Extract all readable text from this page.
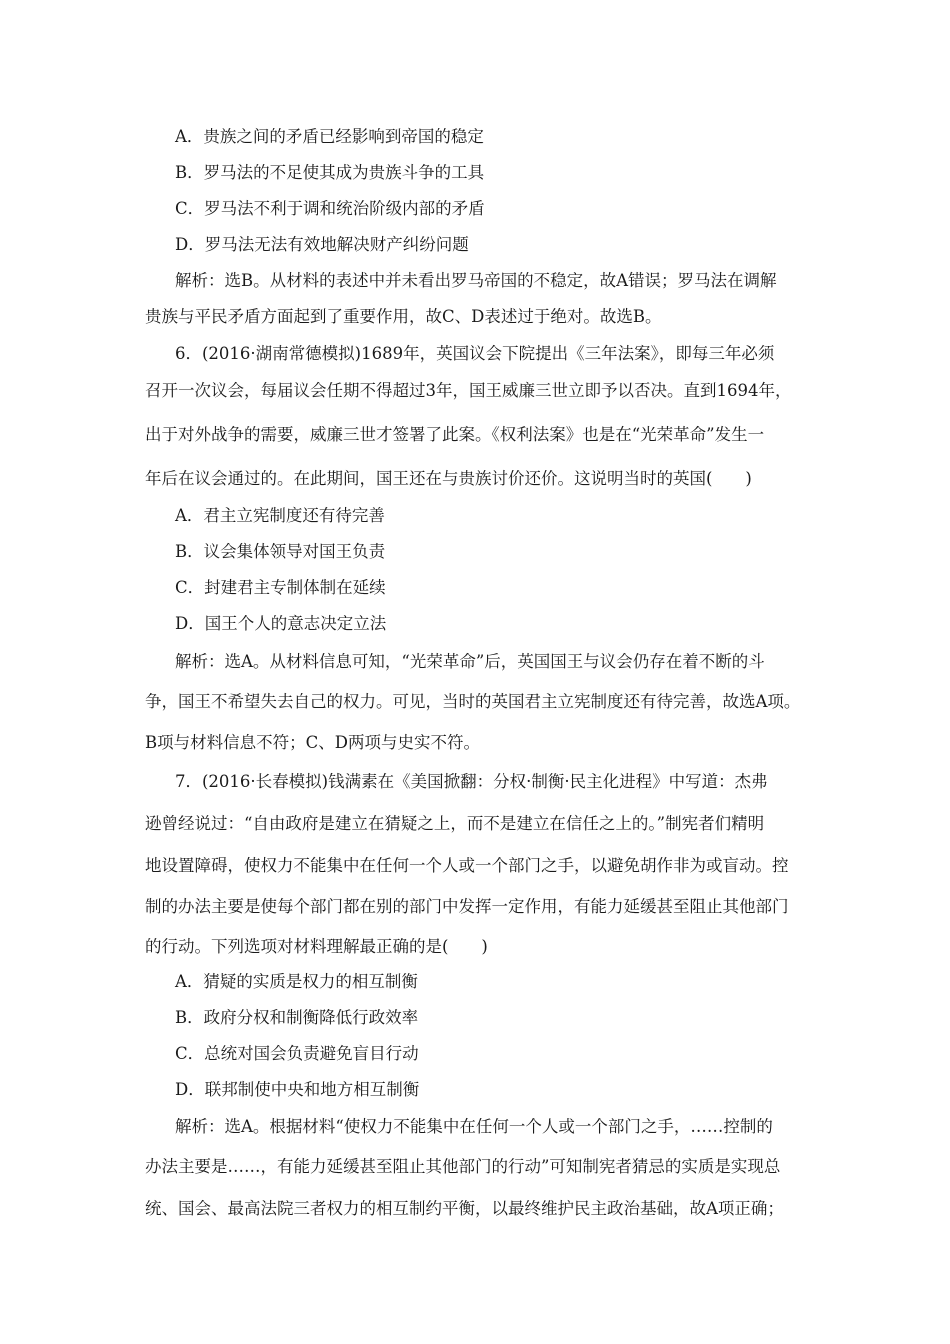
A．贵族之间的矛盾已经影响到帝国的稳定
B．罗马法的不足使其成为贵族斗争的工具
C．罗马法不利于调和统治阶级内部的矛盾
D．罗马法无法有效地解决财产纠纷问题
解析：选B。从材料的表述中并未看出罗马帝国的不稳定，故A错误；罗马法在调解
贵族与平民矛盾方面起到了重要作用，故C、D表述过于绝对。故选B。
6．(2016·湖南常德模拟)1689年，英国议会下院提出《三年法案》，即每三年必须
召开一次议会，每届议会任期不得超过3年，国王威廉三世立即予以否决。直到1694年，
出于对外战争的需要，威廉三世才签署了此案。《权利法案》也是在“光荣革命”发生一
年后在议会通过的。在此期间，国王还在与贵族讨价还价。这说明当时的英国(　　)
A．君主立宪制度还有待完善
B．议会集体领导对国王负责
C．封建君主专制体制在延续
D．国王个人的意志决定立法
解析：选A。从材料信息可知，“光荣革命”后，英国国王与议会仍存在着不断的斗
争，国王不希望失去自己的权力。可见，当时的英国君主立宪制度还有待完善，故选A项。
B项与材料信息不符；C、D两项与史实不符。
7．(2016·长春模拟)钱满素在《美国掀翻：分权·制衡·民主化进程》中写道：杰弗
逊曾经说过：“自由政府是建立在猜疑之上，而不是建立在信任之上的。”制宪者们精明
地设置障碍，使权力不能集中在任何一个人或一个部门之手，以避免胡作非为或盲动。控
制的办法主要是使每个部门都在别的部门中发挥一定作用，有能力延缓甚至阻止其他部门
的行动。下列选项对材料理解最正确的是(　　)
A．猜疑的实质是权力的相互制衡
B．政府分权和制衡降低行政效率
C．总统对国会负责避免盲目行动
D．联邦制使中央和地方相互制衡
解析：选A。根据材料“使权力不能集中在任何一个人或一个部门之手，……控制的
办法主要是……，有能力延缓甚至阻止其他部门的行动”可知制宪者猜忌的实质是实现总
统、国会、最高法院三者权力的相互制约平衡，以最终维护民主政治基础，故A项正确；
